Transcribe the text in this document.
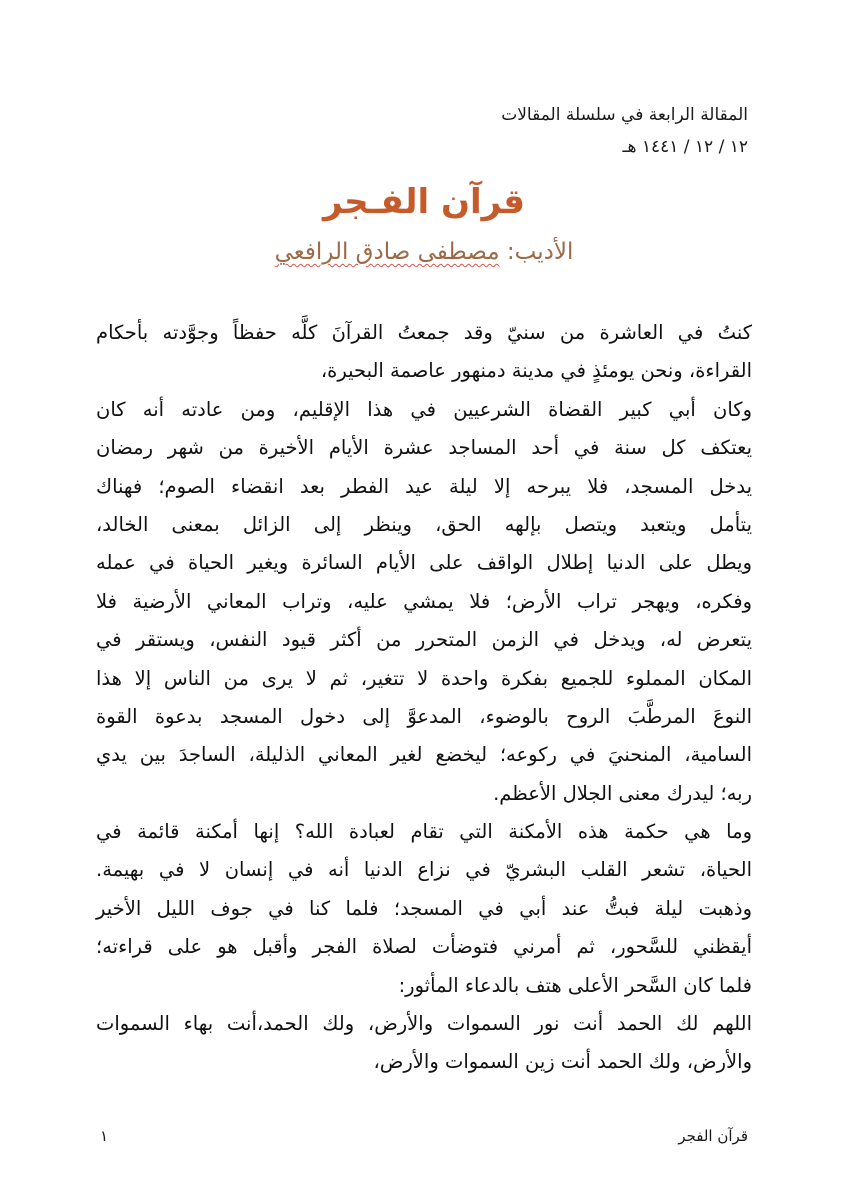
المقالة الرابعة في سلسلة المقالات
١٢ / ١٢ / ١٤٤١ هـ
قرآن الفـجر
الأديب: مصطفى صادق الرافعي
كنتُ في العاشرة من سنيّ وقد جمعتُ القرآنَ كلَّه حفظاً وجوَّدته بأحكام
القراءة، ونحن يومئذٍ في مدينة دمنهور عاصمة البحيرة،
وكان أبي كبير القضاة الشرعيين في هذا الإقليم، ومن عادته أنه كان
يعتكف كل سنة في أحد المساجد عشرة الأيام الأخيرة من شهر رمضان
يدخل المسجد، فلا يبرحه إلا ليلة عيد الفطر بعد انقضاء الصوم؛ فهناك
يتأمل ويتعبد ويتصل بإلهه الحق، وينظر إلى الزائل بمعنى الخالد،
ويطل على الدنيا إطلال الواقف على الأيام السائرة ويغير الحياة في عمله
وفكره، ويهجر تراب الأرض؛ فلا يمشي عليه، وتراب المعاني الأرضية فلا
يتعرض له، ويدخل في الزمن المتحرر من أكثر قيود النفس، ويستقر في
المكان المملوء للجميع بفكرة واحدة لا تتغير، ثم لا يرى من الناس إلا هذا
النوعَ المرطَّبَ الروح بالوضوء، المدعوَّ إلى دخول المسجد بدعوة القوة
السامية، المنحنيَ في ركوعه؛ ليخضع لغير المعاني الذليلة، الساجدَ بين يدي
ربه؛ ليدرك معنى الجلال الأعظم.
وما هي حكمة هذه الأمكنة التي تقام لعبادة الله؟ إنها أمكنة قائمة في
الحياة، تشعر القلب البشريّ في نزاع الدنيا أنه في إنسان لا في بهيمة.
وذهبت ليلة فبتُّ عند أبي في المسجد؛ فلما كنا في جوف الليل الأخير
أيقظني للسَّحور، ثم أمرني فتوضأت لصلاة الفجر وأقبل هو على قراءته؛
فلما كان السَّحر الأعلى هتف بالدعاء المأثور:
اللهم لك الحمد أنت نور السموات والأرض، ولك الحمد،أنت بهاء السموات
والأرض، ولك الحمد أنت زين السموات والأرض،
قرآن الفجر
١
